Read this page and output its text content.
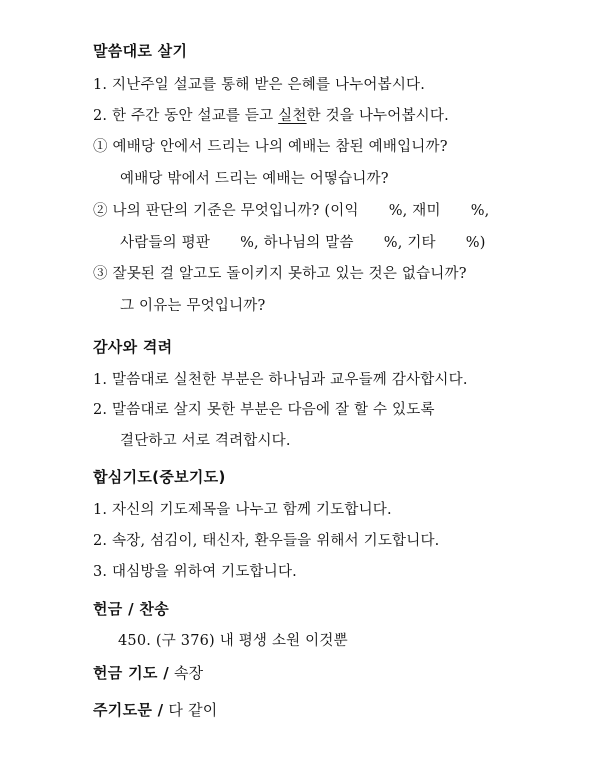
말씀대로 살기
1. 지난주일 설교를 통해 받은 은혜를 나누어봅시다.
2. 한 주간 동안 설교를 듣고 실천한 것을 나누어봅시다.
① 예배당 안에서 드리는 나의 예배는 참된 예배입니까?
예배당 밖에서 드리는 예배는 어떻습니까?
② 나의 판단의 기준은 무엇입니까? (이익 %, 재미 %,
사람들의 평판 %, 하나님의 말씀 %, 기타 %)
③ 잘못된 걸 알고도 돌이키지 못하고 있는 것은 없습니까?
그 이유는 무엇입니까?
감사와 격려
1. 말씀대로 실천한 부분은 하나님과 교우들께 감사합시다.
2. 말씀대로 살지 못한 부분은 다음에 잘 할 수 있도록
결단하고 서로 격려합시다.
합심기도(중보기도)
1. 자신의 기도제목을 나누고 함께 기도합니다.
2. 속장, 섬김이, 태신자, 환우들을 위해서 기도합니다.
3. 대심방을 위하여 기도합니다.
헌금 / 찬송
450. (구 376) 내 평생 소원 이것뿐
헌금 기도 / 속장
주기도문 / 다 같이
